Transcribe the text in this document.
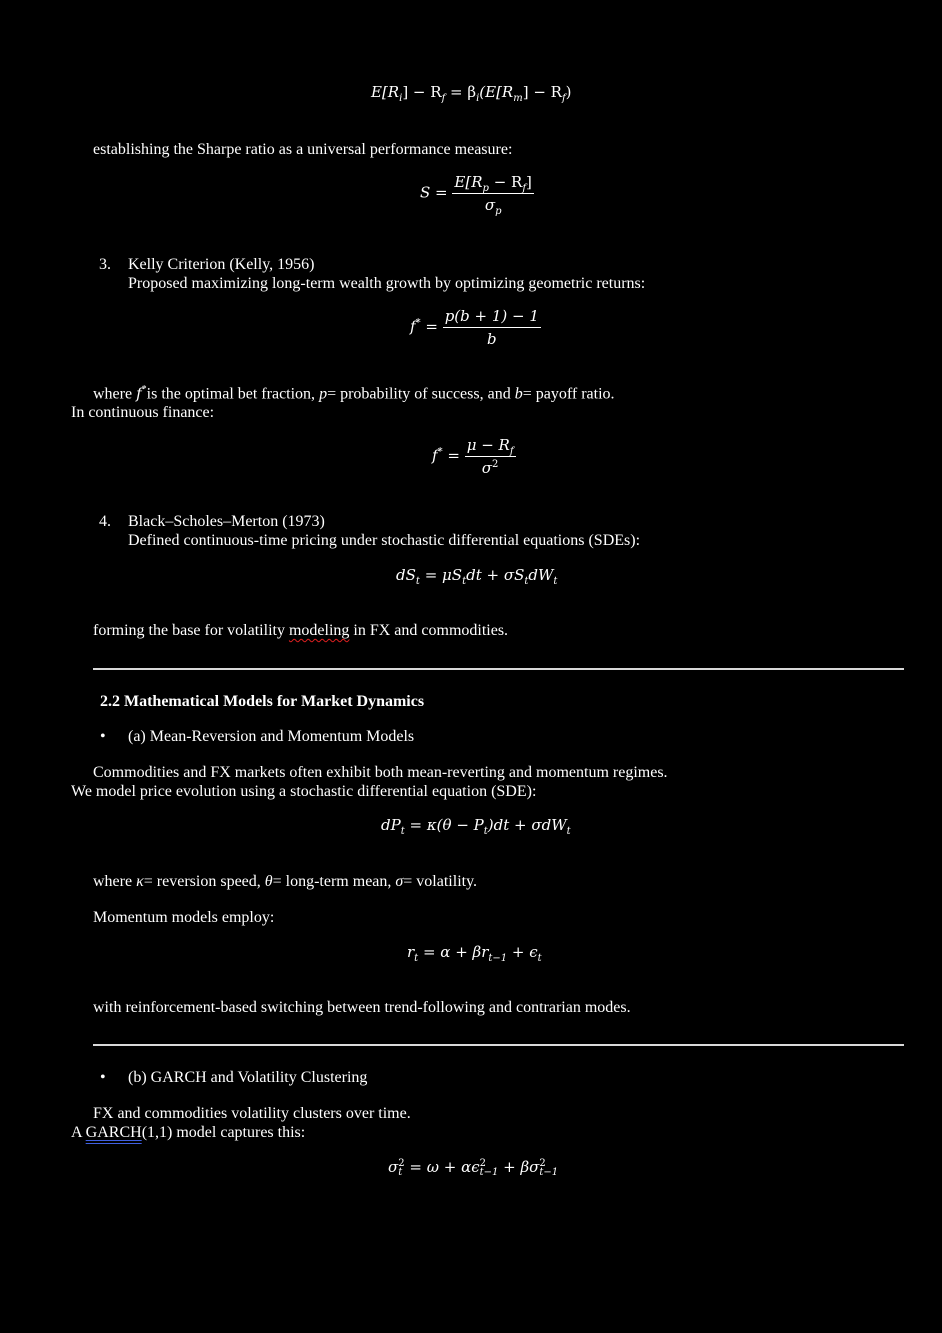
$E[R_i] - R_f = \beta_i(E[R_m] - R_f)$
establishing the Sharpe ratio as a universal performance measure:
$S = \frac{E[R_p - R_f]}{\sigma_p}$
3. Kelly Criterion (Kelly, 1956)
Proposed maximizing long-term wealth growth by optimizing geometric returns:
$f^* = \frac{p(b + 1) - 1}{b}$
where f*is the optimal bet fraction, p= probability of success, and b= payoff ratio.
In continuous finance:
$f^* = \frac{\mu - R_f}{\sigma^2}$
4. Black–Scholes–Merton (1973)
Defined continuous-time pricing under stochastic differential equations (SDEs):
$dS_t = \mu S_tdt + \sigma S_tdW_t$
forming the base for volatility modeling in FX and commodities.
2.2 Mathematical Models for Market Dynamics
• (a) Mean-Reversion and Momentum Models
Commodities and FX markets often exhibit both mean-reverting and momentum regimes.
We model price evolution using a stochastic differential equation (SDE):
$dP_t = \kappa(\theta - P_t)dt + \sigma dW_t$
where κ= reversion speed, θ= long-term mean, σ= volatility.
Momentum models employ:
$r_t = \alpha + \beta r_{t-1} + \epsilon_t$
with reinforcement-based switching between trend-following and contrarian modes.
• (b) GARCH and Volatility Clustering
FX and commodities volatility clusters over time.
A GARCH(1,1) model captures this:
σ 2
t = ω + αϵ 2
t−1 + βσ 2
t−1
